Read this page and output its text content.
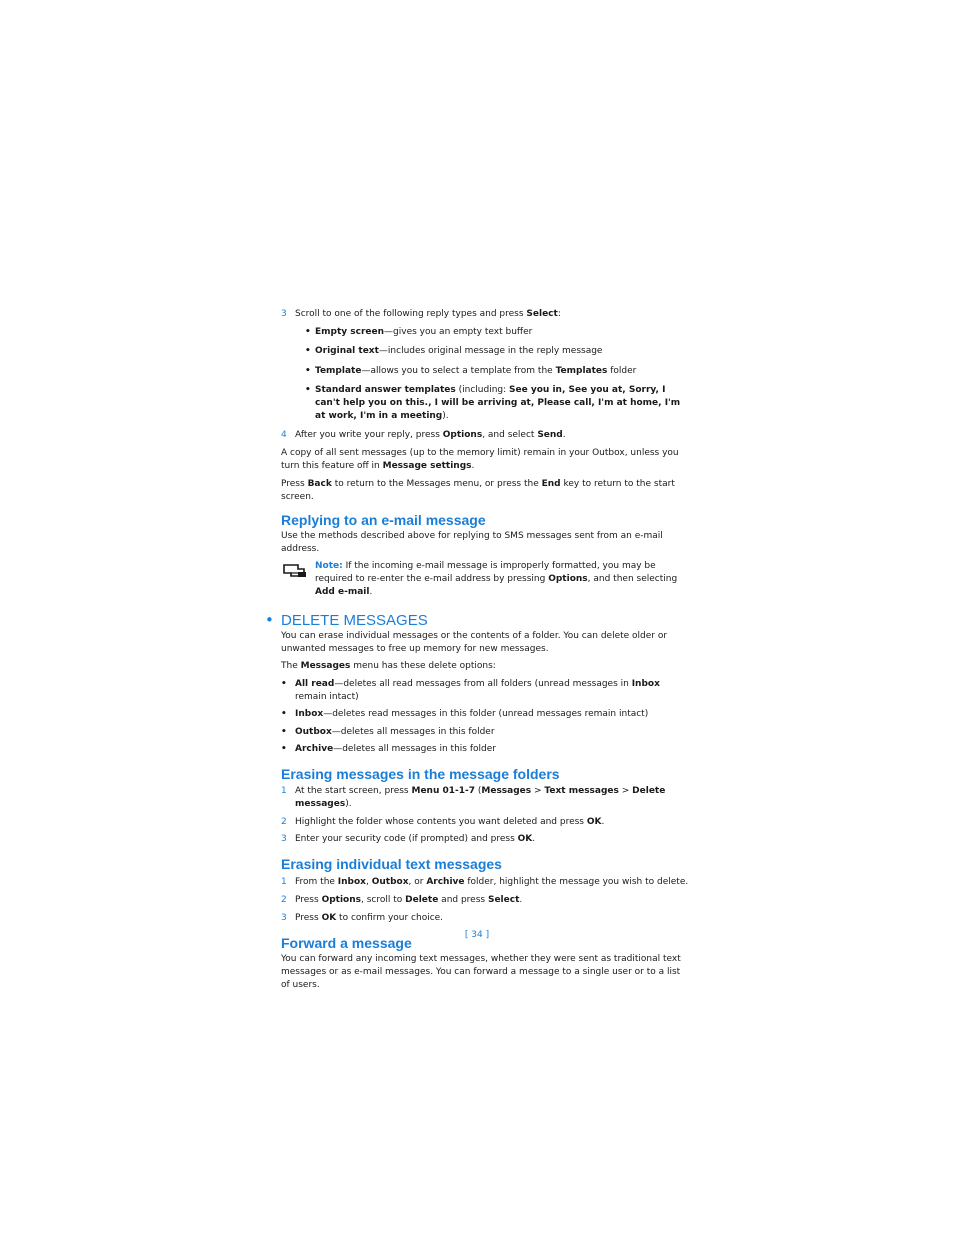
3 Scroll to one of the following reply types and press Select:
• Empty screen—gives you an empty text buffer
• Original text—includes original message in the reply message
• Template—allows you to select a template from the Templates folder
• Standard answer templates (including: See you in, See you at, Sorry, I can't help you on this., I will be arriving at, Please call, I'm at home, I'm at work, I'm in a meeting).
4 After you write your reply, press Options, and select Send.

A copy of all sent messages (up to the memory limit) remain in your Outbox, unless you turn this feature off in Message settings.

Press Back to return to the Messages menu, or press the End key to return to the start screen.

Replying to an e-mail message

Use the methods described above for replying to SMS messages sent from an e-mail address.

Note: If the incoming e-mail message is improperly formatted, you may be required to re-enter the e-mail address by pressing Options, and then selecting Add e-mail.

• DELETE MESSAGES

You can erase individual messages or the contents of a folder. You can delete older or unwanted messages to free up memory for new messages.

The Messages menu has these delete options:

• All read—deletes all read messages from all folders (unread messages in Inbox remain intact)
• Inbox—deletes read messages in this folder (unread messages remain intact)
• Outbox—deletes all messages in this folder
• Archive—deletes all messages in this folder
Erasing messages in the message folders
1 At the start screen, press Menu 01-1-7 (Messages > Text messages > Delete messages).
2 Highlight the folder whose contents you want deleted and press OK.
3 Enter your security code (if prompted) and press OK.
Erasing individual text messages
1 From the Inbox, Outbox, or Archive folder, highlight the message you wish to delete.
2 Press Options, scroll to Delete and press Select.
3 Press OK to confirm your choice.
Forward a message

You can forward any incoming text messages, whether they were sent as traditional text messages or as e-mail messages. You can forward a message to a single user or to a list of users.

[ 34 ]
